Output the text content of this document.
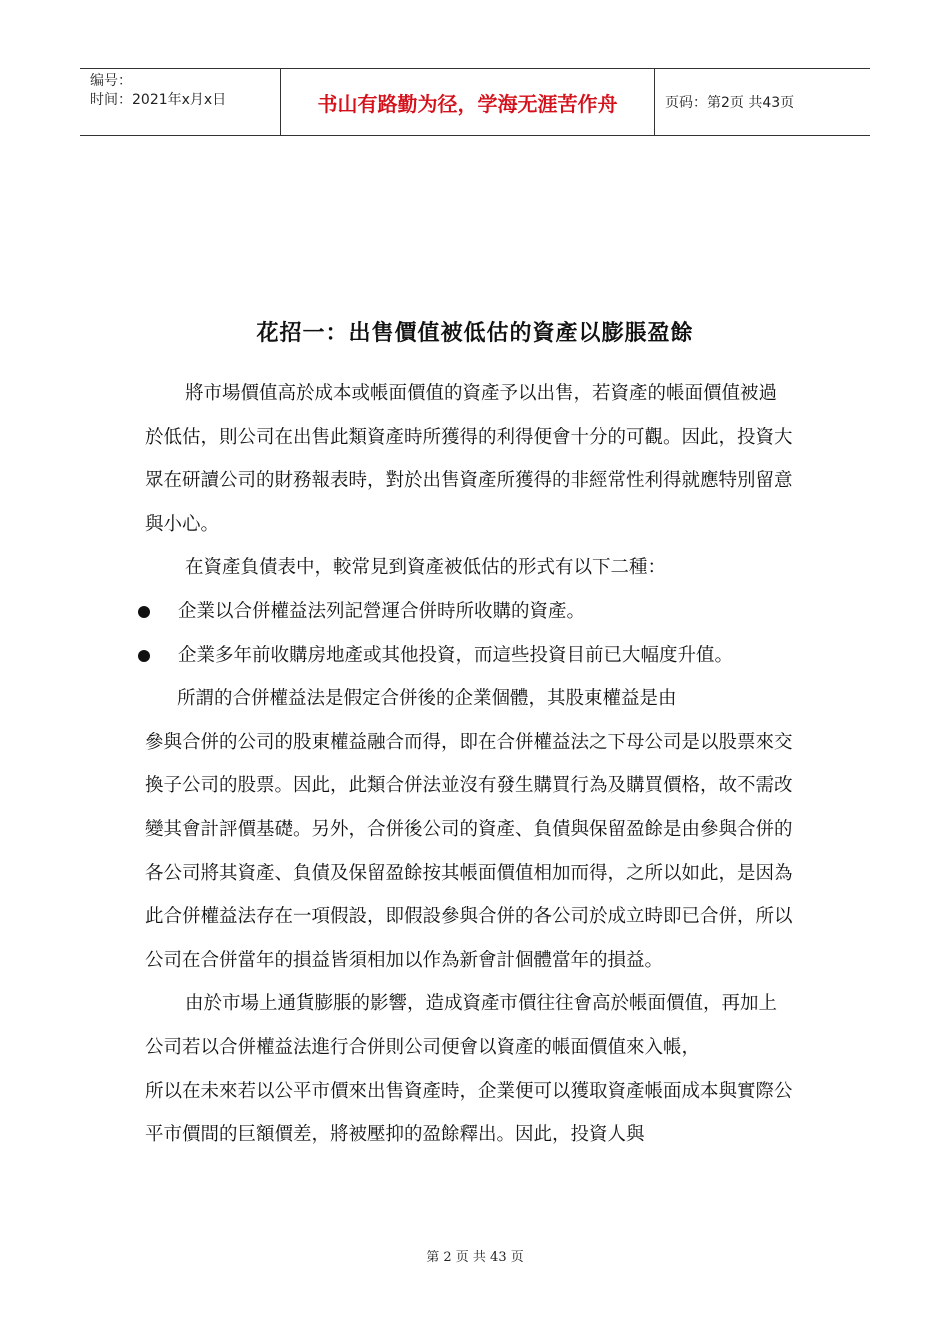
编号：
时间：2021年x月x日	书山有路勤为径，学海无涯苦作舟	页码：第2页 共43页
花招一：出售價值被低估的資產以膨脹盈餘

將市場價值高於成本或帳面價值的資產予以出售，若資產的帳面價值被過於低估，則公司在出售此類資產時所獲得的利得便會十分的可觀。因此，投資大眾在研讀公司的財務報表時，對於出售資產所獲得的非經常性利得就應特別留意與小心。

在資產負債表中，較常見到資產被低估的形式有以下二種：

企業以合併權益法列記營運合併時所收購的資產。

企業多年前收購房地產或其他投資，而這些投資目前已大幅度升值。

所謂的合併權益法是假定合併後的企業個體，其股東權益是由

參與合併的公司的股東權益融合而得，即在合併權益法之下母公司是以股票來交換子公司的股票。因此，此類合併法並沒有發生購買行為及購買價格，故不需改變其會計評價基礎。另外，合併後公司的資產、負債與保留盈餘是由參與合併的各公司將其資產、負債及保留盈餘按其帳面價值相加而得，之所以如此，是因為此合併權益法存在一項假設，即假設參與合併的各公司於成立時即已合併，所以公司在合併當年的損益皆須相加以作為新會計個體當年的損益。

由於市場上通貨膨脹的影響，造成資產市價往往會高於帳面價值，再加上公司若以合併權益法進行合併則公司便會以資產的帳面價值來入帳，

所以在未來若以公平市價來出售資產時，企業便可以獲取資產帳面成本與實際公平市價間的巨額價差，將被壓抑的盈餘釋出。因此，投資人與

第 2 页 共 43 页
